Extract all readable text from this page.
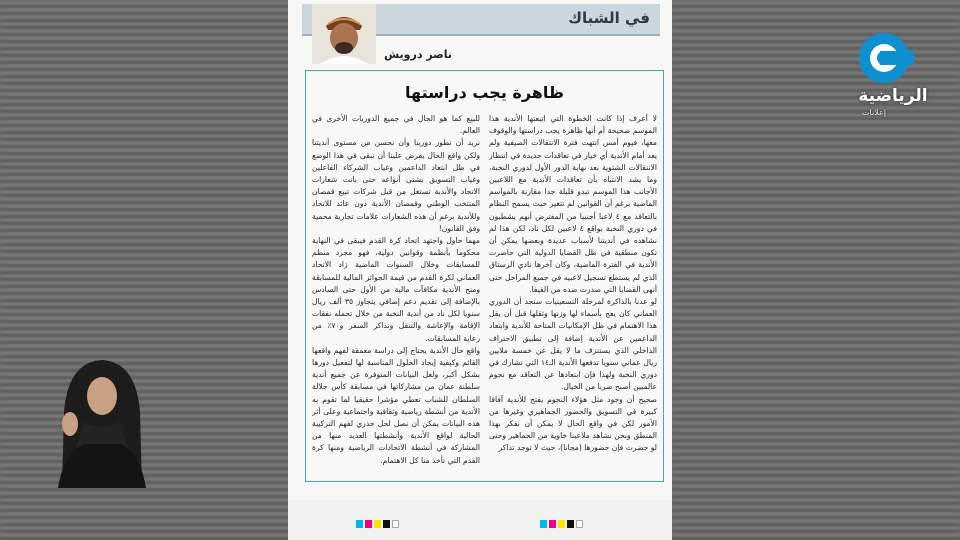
في الشباك
ناصر درويش
ظاهرة يجب دراستها

لا أعرف إذا كانت الخطوة التي اتبعتها الأندية هذا الموسم صحيحة أم أنها ظاهرة يجب دراستها والوقوف معها، فيوم أمس انتهت فترة الانتقالات الصيفية ولم يعد أمام الأندية أي خيار في تعاقدات جديدة في انتظار الانتقالات الشتوية بعد نهاية الدور الأول لدوري النخبة، وما يشد الانتباه بأن تعاقدات الأندية مع اللاعبين الأجانب هذا الموسم تبدو قليلة جدا مقارنة بالمواسم الماضية برغم أن القوانين لم تتغير حيث يسمح النظام بالتعاقد مع ٤ لاعبا أجنبيا من المفترض أنهم يشطبون في دوري النخبة بواقع ٤ لاعبين لكل ناد، لكن هذا لم نشاهده في أنديتنا لأسباب عديدة وبعضها يمكن أن تكون منطقية في ظل القضايا الدولية التي حاصرت الأندية في الفترة الماضية، وكان آخرها نادي الرستاق الذي لم يستطع تسجيل لاعبيه في جميع المراحل حتى أنهى القضايا التي صدرت ضده من الفيفا.

لو عدنا بالذاكرة لمرحلة التسعينيات سنجد أن الدوري العماني كان يعج بأسماء لها وزنها وثقلها قبل أن يقل هذا الاهتمام في ظل الإمكانيات المتاحة للأندية وابتعاد الداعمين عن الأندية إضافة إلى تطبيق الاحتراف الداخلي الذي يستنزف ما لا يقل عن خمسة ملايين ريال عماني سنويا تدفعها الأندية الـ١٤ التي تشارك في دوري النخبة ولهذا فإن ابتعادها عن التعاقد مع نجوم عالميين أصبح ضربا من الخيال.

صحيح أن وجود مثل هؤلاء النجوم يفتح للأندية آفاقا كبيرة في التسويق والحضور الجماهيري وغيرها من الأمور لكن في واقع الحال لا يمكن أن نفكر بهذا المنطق ونحن نشاهد ملاعبنا خاوية من الجماهير وحتى لو حضرت فإن حضورها (مجانا)، حيث لا توجد تذاكر

للبيع كما هو الحال في جميع الدوريات الأخرى في العالم.

نريد أن نطور دورينا وأن نحسن من مستوى أنديتنا ولكن واقع الحال يفرض علينا أن نبقى في هذا الوضع في ظل ابتعاد الداعمين وغياب الشركاء الفاعلين وغياب التسويق بشتى أنواعه حتى باتت شعارات الاتحاد والأندية تستغل من قبل شركات تبيع قمصان المنتخب الوطني وقمصان الأندية دون عائد للاتحاد وللأندية برغم أن هذه الشعارات علامات تجارية محمية وفق القانون!

مهما حاول واجتهد اتحاد كرة القدم فيبقى في النهاية محكوما بأنظمة وقوانين دولية، فهو مجرد منظم للمسابقات وخلال السنوات الماضية زاد الاتحاد العماني لكرة القدم من قيمة الجوائز المالية للمسابقة ومنح الأندية مكافآت مالية من الأول حتى السادس بالإضافة إلى تقديم دعم إضافي يتجاوز ٣٥ ألف ريال سنويا لكل ناد من أندية النخبة من خلال تحمله نفقات الإقامة والإعاشة والتنقل وتذاكر السفر و٧٠٪ من رعاية المسابقات.

واقع حال الأندية يحتاج إلى دراسة معمقة لفهم واقعها القائم وكيفية إيجاد الحلول المناسبة لها لتفعيل دورها بشكل أكبر، ولعل البيانات المتوفرة عن جميع أندية سلطنة عمان من مشاركاتها في مسابقة كأس جلالة السلطان للشباب تعطي مؤشرا حقيقيا لما تقوم به الأندية من أنشطة رياضية وثقافية واجتماعية وعلى أثر هذه البيانات يمكن أن نصل لحل جذري لفهم التركيبة الحالية لواقع الأندية وأنشطتها العديد منها من المشاركة في أنشطة الاتحادات الرياضية ومنها كرة القدم التي تأخذ منا كل الاهتمام.

الرياضية
إعلانات
